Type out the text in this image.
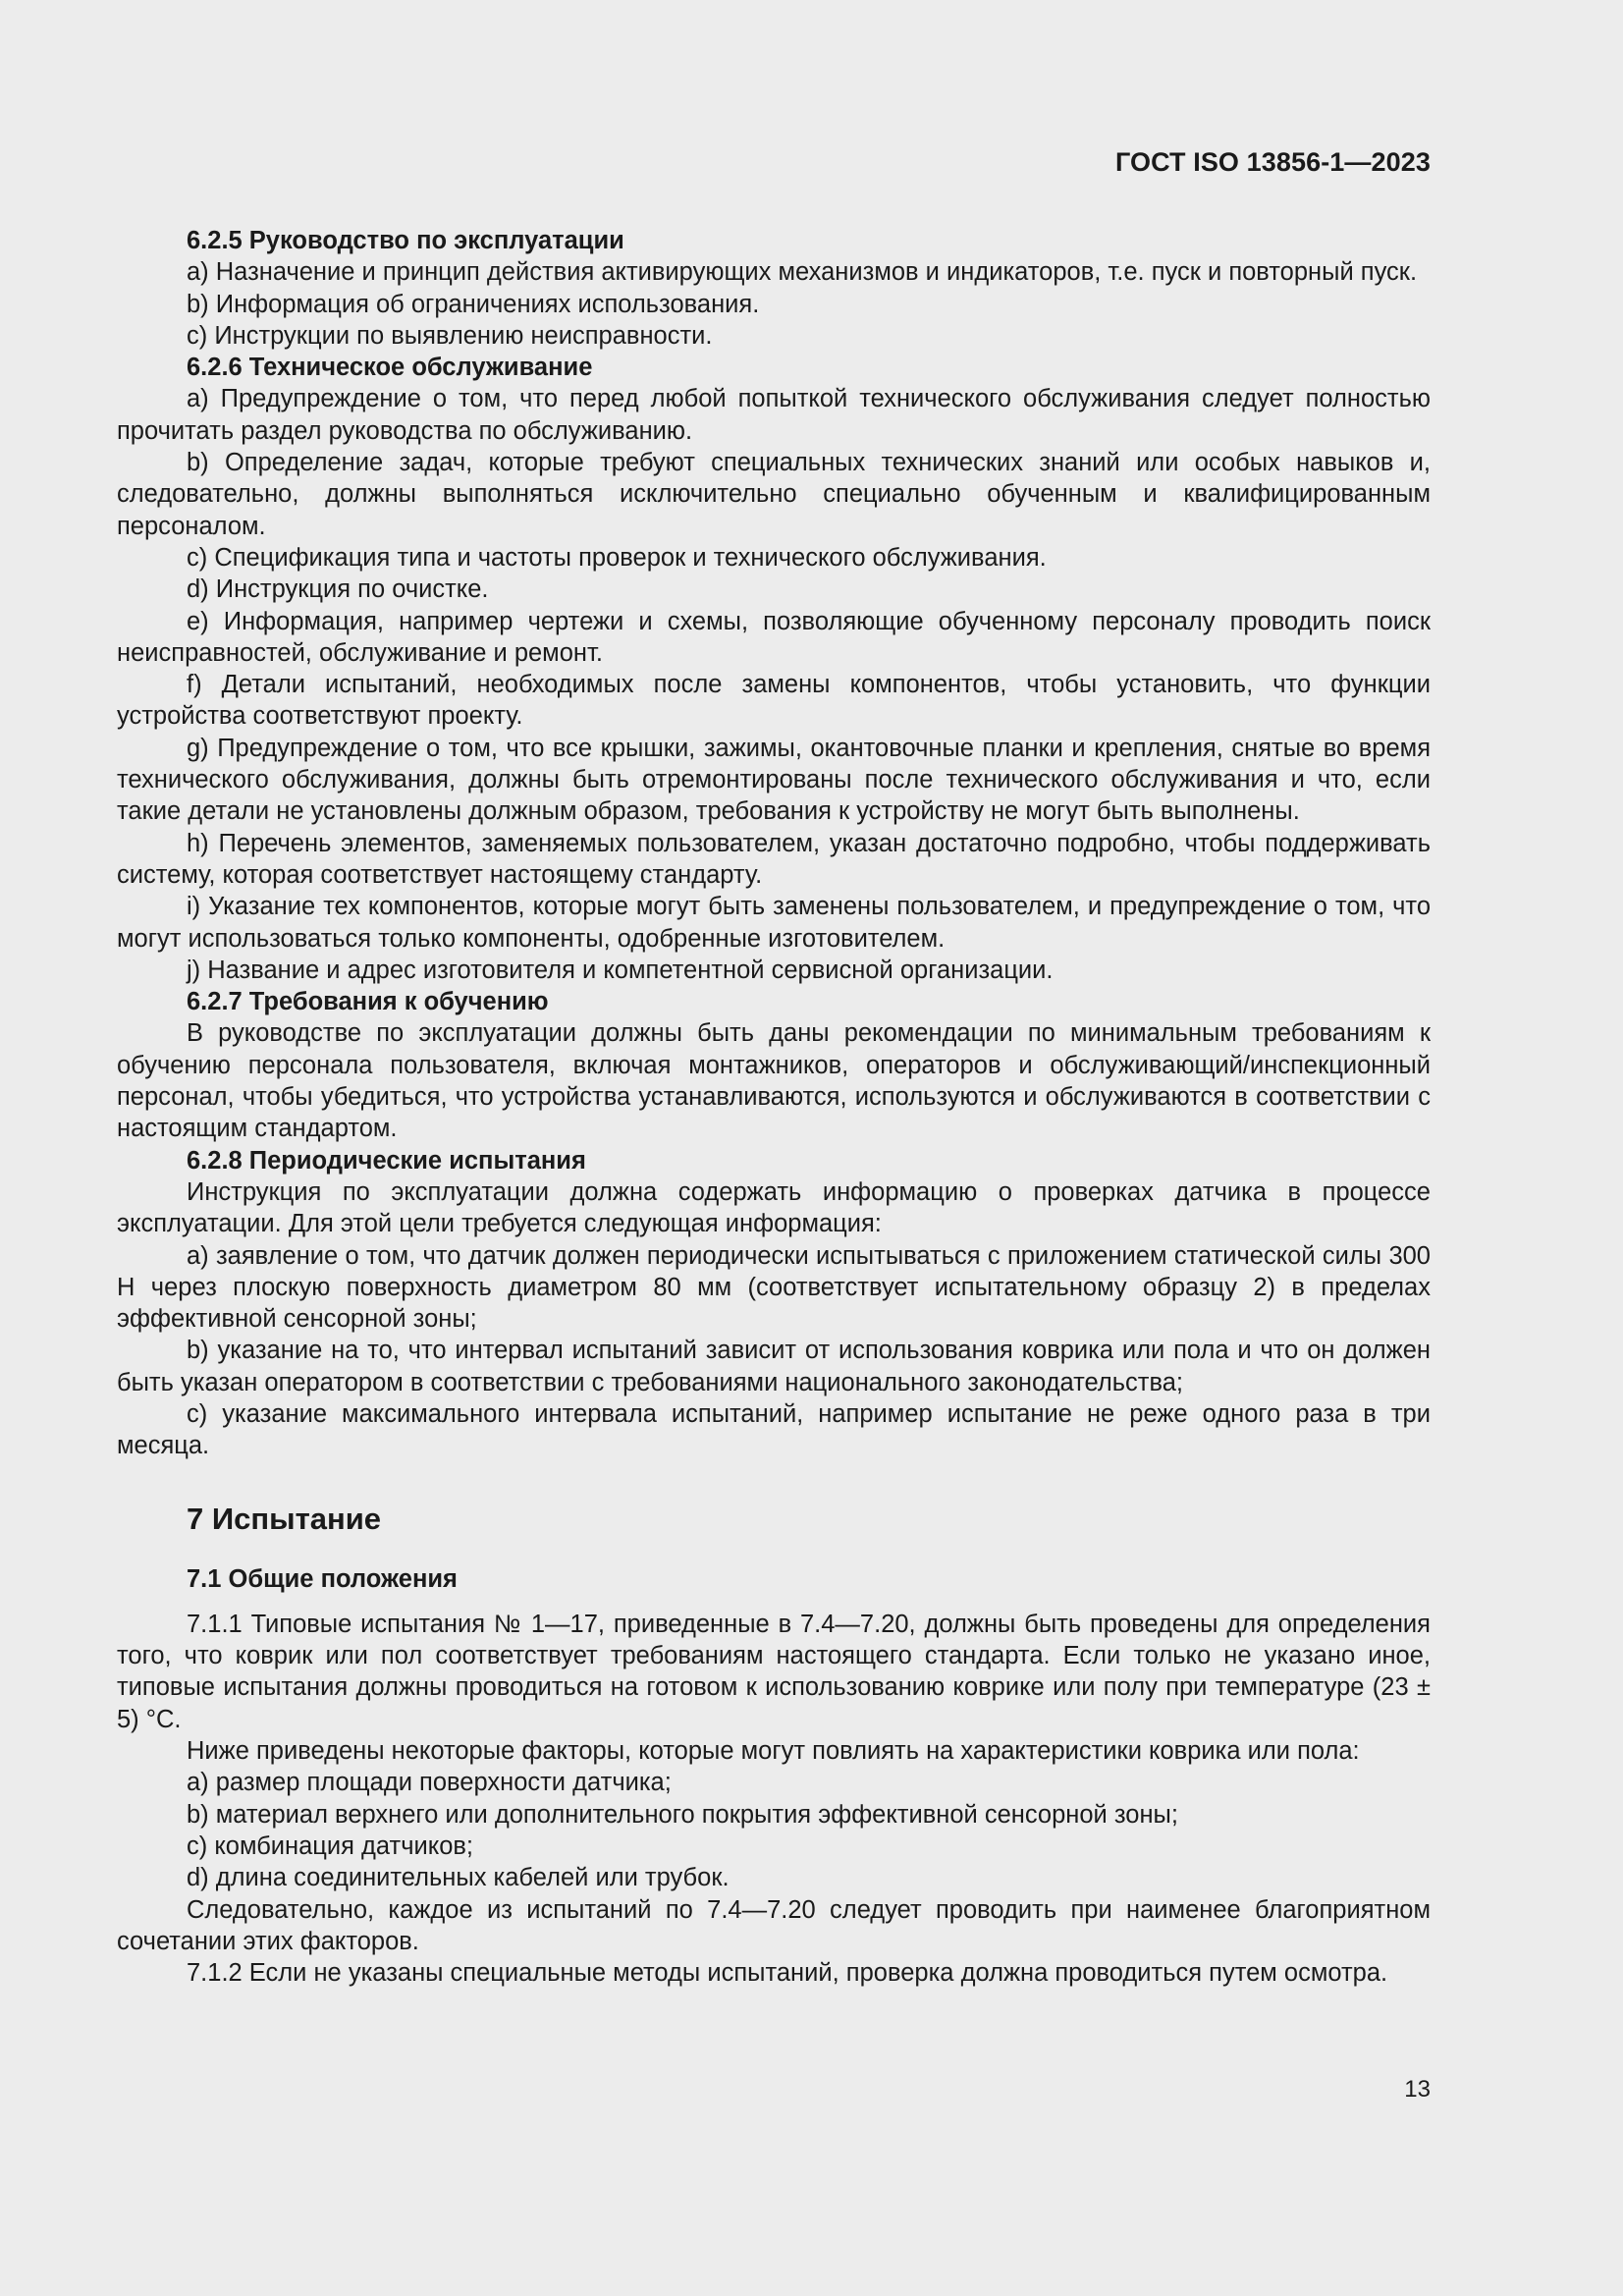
ГОСТ ISO 13856-1—2023

6.2.5 Руководство по эксплуатации

a) Назначение и принцип действия активирующих механизмов и индикаторов, т.е. пуск и повторный пуск.

b) Информация об ограничениях использования.

c) Инструкции по выявлению неисправности.

6.2.6 Техническое обслуживание

a) Предупреждение о том, что перед любой попыткой технического обслуживания следует полностью прочитать раздел руководства по обслуживанию.

b) Определение задач, которые требуют специальных технических знаний или особых навыков и, следовательно, должны выполняться исключительно специально обученным и квалифицированным персоналом.

c) Спецификация типа и частоты проверок и технического обслуживания.

d) Инструкция по очистке.

e) Информация, например чертежи и схемы, позволяющие обученному персоналу проводить поиск неисправностей, обслуживание и ремонт.

f) Детали испытаний, необходимых после замены компонентов, чтобы установить, что функции устройства соответствуют проекту.

g) Предупреждение о том, что все крышки, зажимы, окантовочные планки и крепления, снятые во время технического обслуживания, должны быть отремонтированы после технического обслуживания и что, если такие детали не установлены должным образом, требования к устройству не могут быть выполнены.

h) Перечень элементов, заменяемых пользователем, указан достаточно подробно, чтобы поддерживать систему, которая соответствует настоящему стандарту.

i) Указание тех компонентов, которые могут быть заменены пользователем, и предупреждение о том, что могут использоваться только компоненты, одобренные изготовителем.

j) Название и адрес изготовителя и компетентной сервисной организации.

6.2.7 Требования к обучению

В руководстве по эксплуатации должны быть даны рекомендации по минимальным требованиям к обучению персонала пользователя, включая монтажников, операторов и обслуживающий/инспекционный персонал, чтобы убедиться, что устройства устанавливаются, используются и обслуживаются в соответствии с настоящим стандартом.

6.2.8 Периодические испытания

Инструкция по эксплуатации должна содержать информацию о проверках датчика в процессе эксплуатации. Для этой цели требуется следующая информация:

a) заявление о том, что датчик должен периодически испытываться с приложением статической силы 300 Н через плоскую поверхность диаметром 80 мм (соответствует испытательному образцу 2) в пределах эффективной сенсорной зоны;

b) указание на то, что интервал испытаний зависит от использования коврика или пола и что он должен быть указан оператором в соответствии с требованиями национального законодательства;

c) указание максимального интервала испытаний, например испытание не реже одного раза в три месяца.

7 Испытание

7.1 Общие положения

7.1.1 Типовые испытания № 1—17, приведенные в 7.4—7.20, должны быть проведены для определения того, что коврик или пол соответствует требованиям настоящего стандарта. Если только не указано иное, типовые испытания должны проводиться на готовом к использованию коврике или полу при температуре (23 ± 5) °С.

Ниже приведены некоторые факторы, которые могут повлиять на характеристики коврика или пола:

a) размер площади поверхности датчика;

b) материал верхнего или дополнительного покрытия эффективной сенсорной зоны;

c) комбинация датчиков;

d) длина соединительных кабелей или трубок.

Следовательно, каждое из испытаний по 7.4—7.20 следует проводить при наименее благоприятном сочетании этих факторов.

7.1.2 Если не указаны специальные методы испытаний, проверка должна проводиться путем осмотра.

13
